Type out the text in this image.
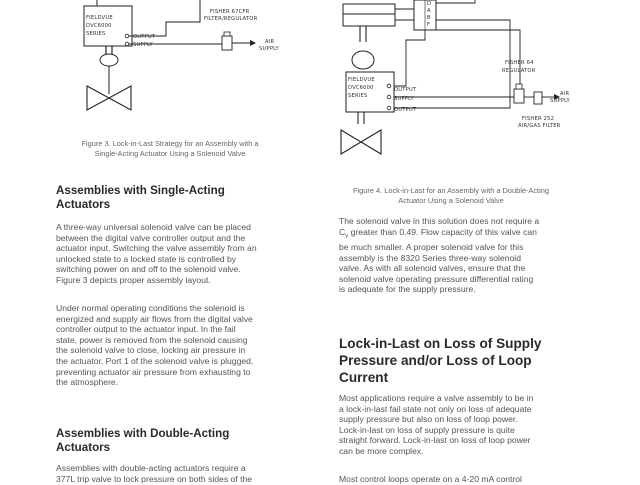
FIELDVUE
DVC6000
SERIES	OUTPUT
SUPPLY
FISHER 67CFR
FILTER/REGULATOR
AIR
SUPPLY
Figure 3. Lock-in-Last Strategy for an Assembly with a
Single-Acting Actuator Using a Solenoid Valve
D
A
B
F
FIELDVUE
DVC6000
SERIES
OUTPUT
SUPPLY
OUTPUT
FISHER 64
REGULATOR
AIR
SUPPLY
FISHER 252
AIR/GAS FILTER
Figure 4. Lock-in-Last for an Assembly with a Double-Acting
Actuator Using a Solenoid Valve
Assemblies with Single-Acting
Actuators
A three-way universal solenoid valve can be placed
between the digital valve controller output and the
actuator input. Switching the valve assembly from an
unlocked state to a locked state is controlled by
switching power on and off to the solenoid valve.
Figure 3 depicts proper assembly layout.
Under normal operating conditions the solenoid is
energized and supply air flows from the digital valve
controller output to the actuator input. In the fail
state, power is removed from the solenoid causing
the solenoid valve to close, locking air pressure in
the actuator. Port 1 of the solenoid valve is plugged,
preventing actuator air pressure from exhausting to
the atmosphere.
Assemblies with Double-Acting
Actuators
Assemblies with double-acting actuators require a
377L trip valve to lock pressure on both sides of the
The solenoid valve in this solution does not require a
$C_v$ greater than 0.49. Flow capacity of this valve can
be much smaller. A proper solenoid valve for this
assembly is the 8320 Series three-way solenoid
valve. As with all solenoid valves, ensure that the
solenoid valve operating pressure differential rating
is adequate for the supply pressure.
Lock-in-Last on Loss of Supply
Pressure and/or Loss of Loop
Current
Most applications require a valve assembly to be in
a lock-in-last fail state not only on loss of adequate
supply pressure but also on loss of loop power.
Lock-in-last on loss of supply pressure is quite
straight forward. Lock-in-last on loss of loop power
can be more complex.
Most control loops operate on a 4-20 mA control
